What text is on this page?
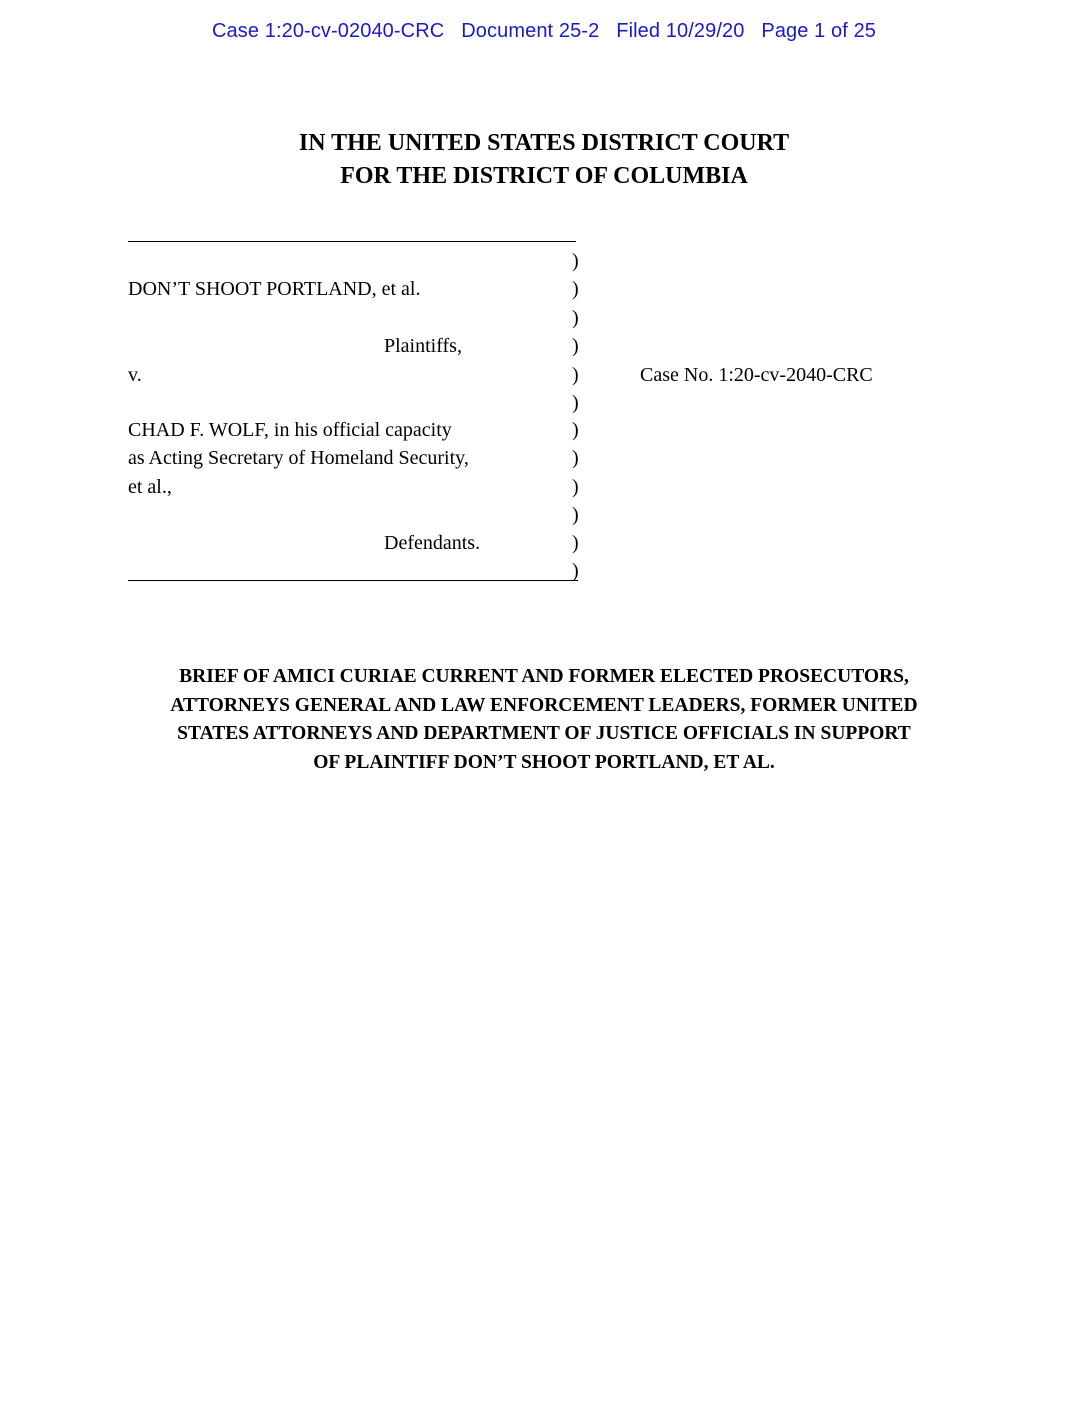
Case 1:20-cv-02040-CRC   Document 25-2   Filed 10/29/20   Page 1 of 25
IN THE UNITED STATES DISTRICT COURT
FOR THE DISTRICT OF COLUMBIA
DON’T SHOOT PORTLAND, et al.
Plaintiffs,
v.
CHAD F. WOLF, in his official capacity
as Acting Secretary of Homeland Security,
et al.,
Defendants.
)
)
)
)
)
)
)
)
)
)
)
)
Case No. 1:20-cv-2040-CRC
BRIEF OF AMICI CURIAE CURRENT AND FORMER ELECTED PROSECUTORS,
ATTORNEYS GENERAL AND LAW ENFORCEMENT LEADERS, FORMER UNITED
STATES ATTORNEYS AND DEPARTMENT OF JUSTICE OFFICIALS IN SUPPORT
OF PLAINTIFF DON’T SHOOT PORTLAND, ET AL.
